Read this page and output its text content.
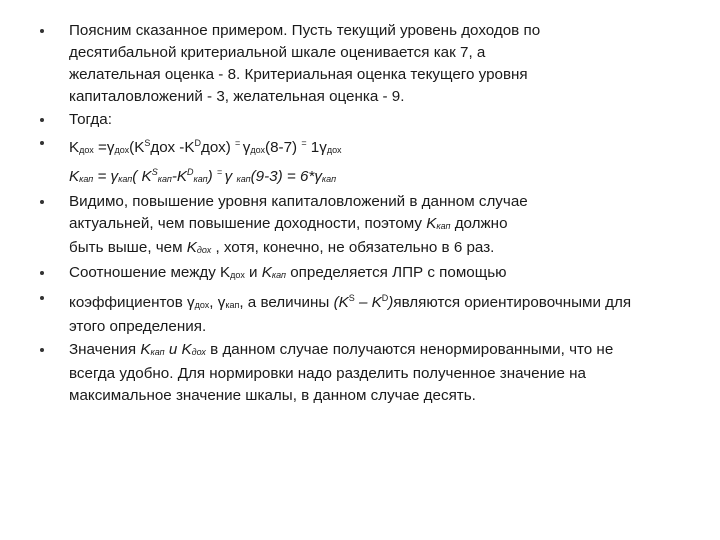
Поясним сказанное примером. Пусть текущий уровень доходов по
десятибальной критериальной шкале оценивается как 7, а
желательная оценка - 8. Критериальная оценка текущего уровня
капиталовложений - 3, желательная оценка - 9.
Тогда:
Kдох $=\gamma дох(K^Sдох$ $-K^Dдох$) = γдох(8-7) = 1γдох
Kкап = γкап( $K^Sкап-K^Dкап$) = γ кап(9-3) = 6*γкап
Видимо, повышение уровня капиталовложений в данном случае
актуальней, чем повышение доходности, поэтому Kкап должно
быть выше, чем Kдох , хотя, конечно, не обязательно в 6 раз.
Соотношение между Kдох и Kкап определяется ЛПР с помощью
коэффициентов γдох, γкап, а величины ($K^S$ – $K^D)являются$ ориентировочными для
этого определения.
Значения Kкап и Kдох в данном случае получаются ненормированными, что не
всегда удобно. Для нормировки надо разделить полученное значение на
максимальное значение шкалы, в данном случае десять.
